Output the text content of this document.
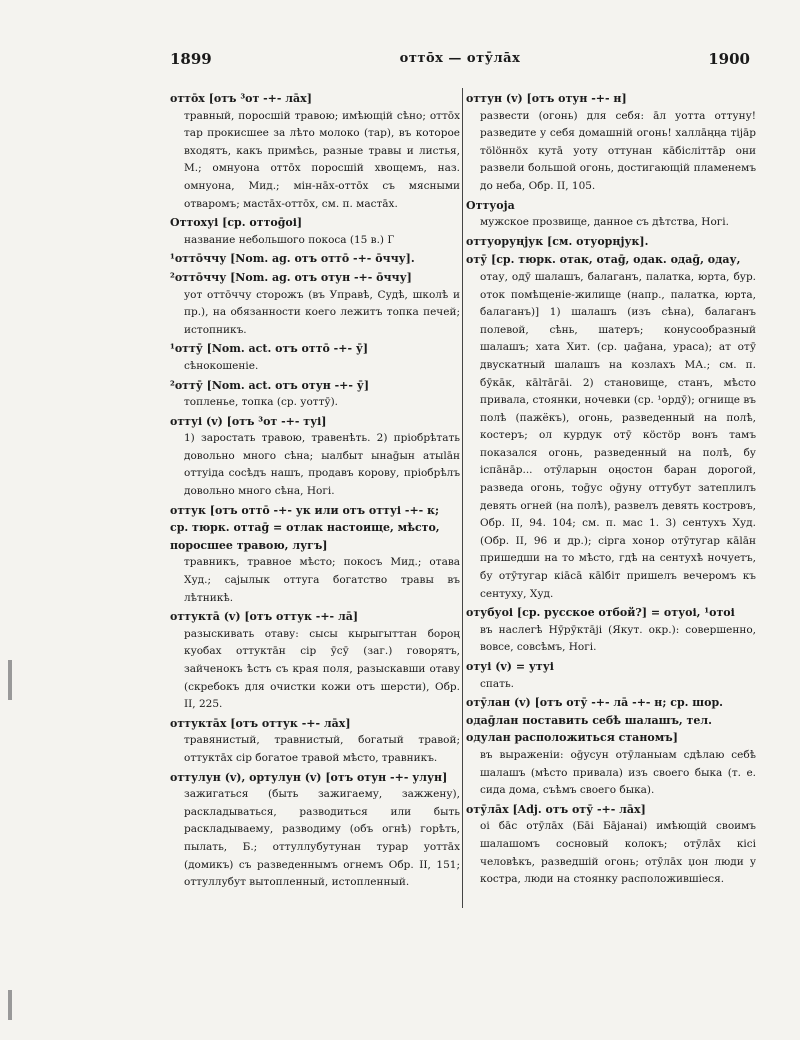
1899	оттōх — отӯлāх	1900
оттōх [отъ ³от -+- лāх]
травный, поросшій травою; имѣющій сѣно; оттōх тар прокисшее за лѣто молоко (тар), въ которое входятъ, какъ примѣсь, разные травы и листья, М.; омнуона оттōх поросшій хвощемъ, наз. омнуона, Мид.; мін-нāх-оттōх съ мясными отваромъ; мастāх-оттōх, см. п. мастāх.
Оттохуі [ср. оттоḡоі]
название небольшого покоса (15 в.) Г
¹оттōччу [Nom. ag. отъ оттō -+- ōччу].
²оттōччу [Nom. ag. отъ отун -+- ōччу]
уот оттōччу сторожъ (въ Управѣ, Судѣ, школѣ и пр.), на обязанности коего лежитъ топка печей; истопникъ.
¹оттӯ [Nom. act. отъ оттō -+- ӯ]
сѣнокошеніе.
²оттӯ [Nom. act. отъ отун -+- ӯ]
топленье, топка (ср. уоттӯ).
оттуі (v) [отъ ³от -+- туі]
1) заростать травою, травенѣть. 2) пріобрѣтать довольно много сѣна; ыалбыт ынаḡын атыlāн оттуіда сосѣдъ нашъ, продавъ корову, пріобрѣлъ довольно много сѣна, Ногі.
оттук [отъ оттō -+- ук или отъ оттуі -+- к; ср. тюрк. оттаḡ = отлак настоище, мѣсто, поросшее травою, лугъ]
травникъ, травное мѣсто; покосъ Мид.; отава Худ.; саjылык оттуга богатство травы въ лѣтникѣ.
оттуктā (v) [отъ оттук -+- лā]
разыскивать отаву: сысы кырыгыттан бороң куобах оттуктāн сір ӯсӯ (заг.) говорятъ, зайченокъ ѣстъ съ края поля, разыскавши отаву (скребокъ для очистки кожи отъ шерсти), Обр. II, 225.
оттуктāх [отъ оттук -+- лāх]
травянистый, травнистый, богатый травой; оттуктāх сір богатое травой мѣсто, травникъ.
оттулун (v), ортулун (v) [отъ отун -+- улун]
зажигаться (быть зажигаему, зажжену), раскладываться, разводиться или быть раскладываему, разводиму (объ огнѣ) горѣть, пылать, Б.; оттуллубутунан турар уоттāх (домикъ) съ разведеннымъ огнемъ Обр. II, 151; оттуллубут вытопленный, истопленный.
оттун (v) [отъ отун -+- н]
развести (огонь) для себя: āл уотта оттуну! разведите у себя домашній огонь! халлāңңа тіjāр тölöннöх кутā уоту оттунан кāбісліттāр они развели большой огонь, достигающій пламенемъ до неба, Обр. II, 105.
Оттуоjа
мужское прозвище, данное съ дѣтства, Ногі.
оттуоруңjук [см. отуорңjук].
отӯ [ср. тюрк. отак, отаḡ, одак. одаḡ, одау,
отау, одӯ шалашъ, балаганъ, палатка, юрта, бур. оток помѣщеніе-жилище (напр., палатка, юрта, балаганъ)] 1) шалашъ (изъ сѣна), балаганъ полевой, сѣнь, шатеръ; конусообразный шалашъ; хата Хит. (ср. џаḡана, ураса); ат отӯ двускатный шалашъ на козлахъ МА.; см. п. бӯкāк, кālтāгāі. 2) становище, станъ, мѣсто привала, стоянки, ночевки (ср. ¹ордӯ); огнище въ полѣ (пажёкъ), огонь, разведенный на полѣ, костеръ; ол курдук отӯ кöстöр вонъ тамъ показался огонь, разведенный на полѣ, бу іспāнāр... отӯларын оңостон баран дорогой, разведа огонь, тоḡус оḡуну оттубут затеплилъ девять огней (на полѣ), развелъ девять костровъ, Обр. II, 94. 104; см. п. мас 1. 3) сентухъ Худ. (Обр. II, 96 и др.); сірга хонор отӯтугар кālāн пришедши на то мѣсто, гдѣ на сентухѣ ночуетъ, бу отӯтугар кіāсā кālбіт пришелъ вечеромъ къ сентуху, Худ.
отубуоі [ср. русское отбой?] = отуоі, ¹отоі
въ наслегѣ Нӯрӯктājі (Якут. окр.): совершенно, вовсе, совсѣмъ, Ногі.
отуі (v) = утуі
спать.
отӯлан (v) [отъ отӯ -+- лā -+- н; ср. шор. одаḡлан поставить себѣ шалашъ, тел. одулан расположиться станомъ]
въ выраженіи: оḡусун отӯланыам сдѣлаю себѣ шалашъ (мѣсто привала) изъ своего быка (т. е. сида дома, съѣмъ своего быка).
отӯлāх [Adj. отъ отӯ -+- лāх]
оі бāс отӯлāх (Бāі Бājанаі) имѣющій своимъ шалашомъ сосновый колокъ; отӯлāх кісі человѣкъ, разведшій огонь; отӯлāх џон люди у костра, люди на стоянку расположившіеся.
